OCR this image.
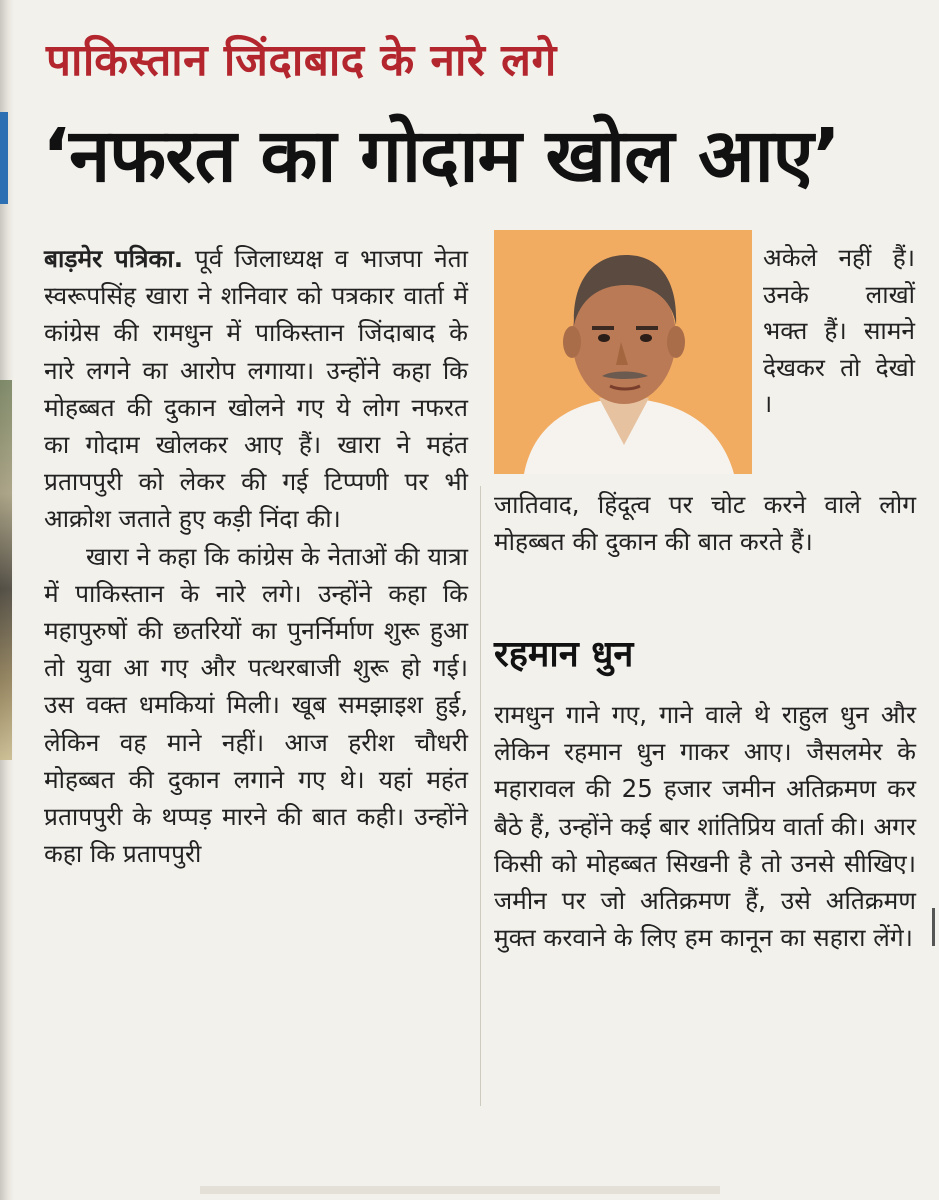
पाकिस्तान जिंदाबाद के नारे लगे
‘नफरत का गोदाम खोल आए’

बाड़मेर पत्रिका. पूर्व जिलाध्यक्ष व भाजपा नेता स्वरूपसिंह खारा ने शनिवार को पत्रकार वार्ता में कांग्रेस की रामधुन में पाकिस्तान जिंदाबाद के नारे लगने का आरोप लगाया। उन्होंने कहा कि मोहब्बत की दुकान खोलने गए ये लोग नफरत का गोदाम खोलकर आए हैं। खारा ने महंत प्रतापपुरी को लेकर की गई टिप्पणी पर भी आक्रोश जताते हुए कड़ी निंदा की।

खारा ने कहा कि कांग्रेस के नेताओं की यात्रा में पाकिस्तान के नारे लगे। उन्होंने कहा कि महापुरुषों की छतरियों का पुनर्निर्माण शुरू हुआ तो युवा आ गए और पत्थरबाजी शुरू हो गई। उस वक्त धमकियां मिली। खूब समझाइश हुई, लेकिन वह माने नहीं। आज हरीश चौधरी मोहब्बत की दुकान लगाने गए थे। यहां महंत प्रतापपुरी के थप्पड़ मारने की बात कही। उन्होंने कहा कि प्रतापपुरी

अकेले नहीं हैं। उनके लाखों भक्त हैं। सामने देखकर तो देखो ।

जातिवाद, हिंदूत्व पर चोट करने वाले लोग मोहब्बत की दुकान की बात करते हैं।

रहमान धुन

रामधुन गाने गए, गाने वाले थे राहुल धुन और लेकिन रहमान धुन गाकर आए। जैसलमेर के महारावल की 25 हजार जमीन अतिक्रमण कर बैठे हैं, उन्होंने कई बार शांतिप्रिय वार्ता की। अगर किसी को मोहब्बत सिखनी है तो उनसे सीखिए। जमीन पर जो अतिक्रमण हैं, उसे अतिक्रमण मुक्त करवाने के लिए हम कानून का सहारा लेंगे।
